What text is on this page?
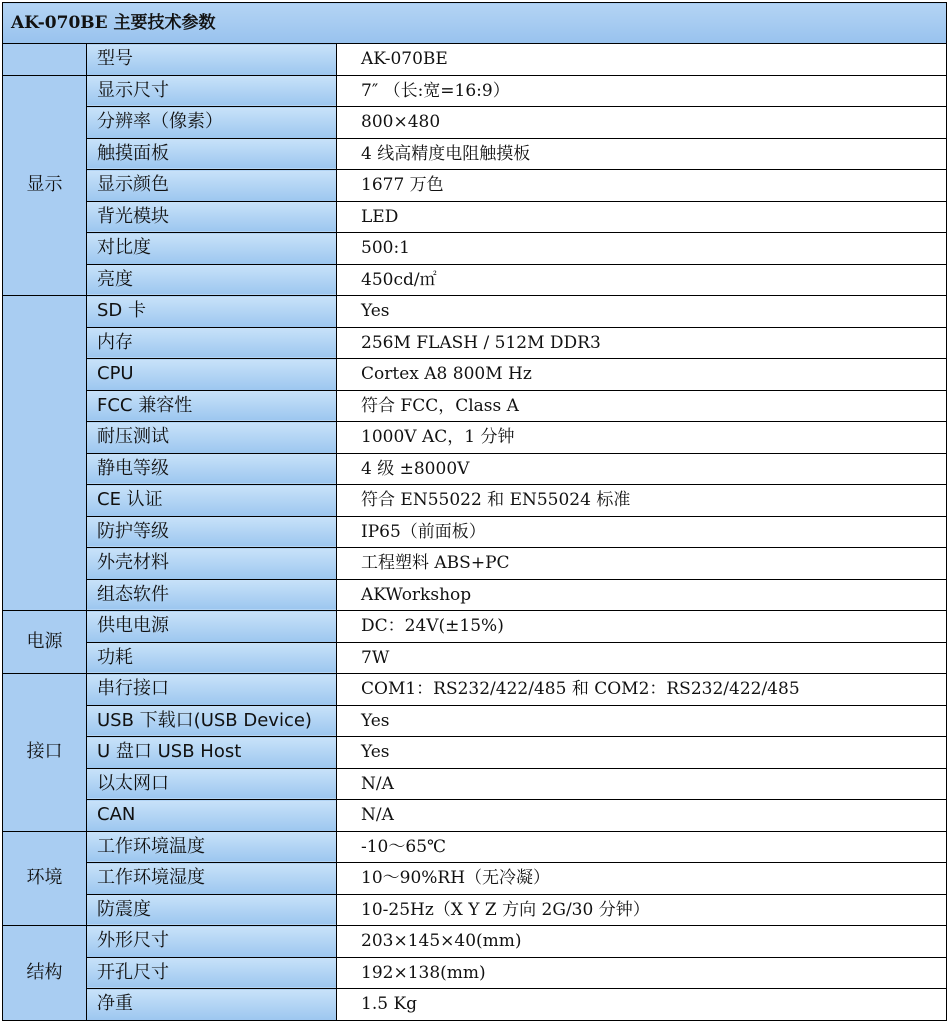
AK-070BE 主要技术参数		
	型号	AK-070BE
显示	显示尺寸	7″ （长:宽=16:9）
	分辨率（像素）	800×480
	触摸面板	4 线高精度电阻触摸板
	显示颜色	1677 万色
	背光模块	LED
	对比度	500:1
	亮度	450cd/㎡
	SD 卡	Yes
	内存	256M FLASH / 512M DDR3
	CPU	Cortex A8 800M Hz
	FCC 兼容性	符合 FCC，Class A
	耐压测试	1000V AC，1 分钟
	静电等级	4 级 ±8000V
	CE 认证	符合 EN55022 和 EN55024 标准
	防护等级	IP65（前面板）
	外壳材料	工程塑料 ABS+PC
	组态软件	AKWorkshop
电源	供电电源	DC：24V(±15%)
	功耗	7W
接口	串行接口	COM1：RS232/422/485 和 COM2：RS232/422/485
	USB 下载口(USB Device)	Yes
	U 盘口 USB Host	Yes
	以太网口	N/A
	CAN	N/A
环境	工作环境温度	-10～65℃
	工作环境湿度	10～90%RH（无冷凝）
	防震度	10-25Hz（X Y Z 方向 2G/30 分钟）
结构	外形尺寸	203×145×40(mm)
	开孔尺寸	192×138(mm)
	净重	1.5 Kg
